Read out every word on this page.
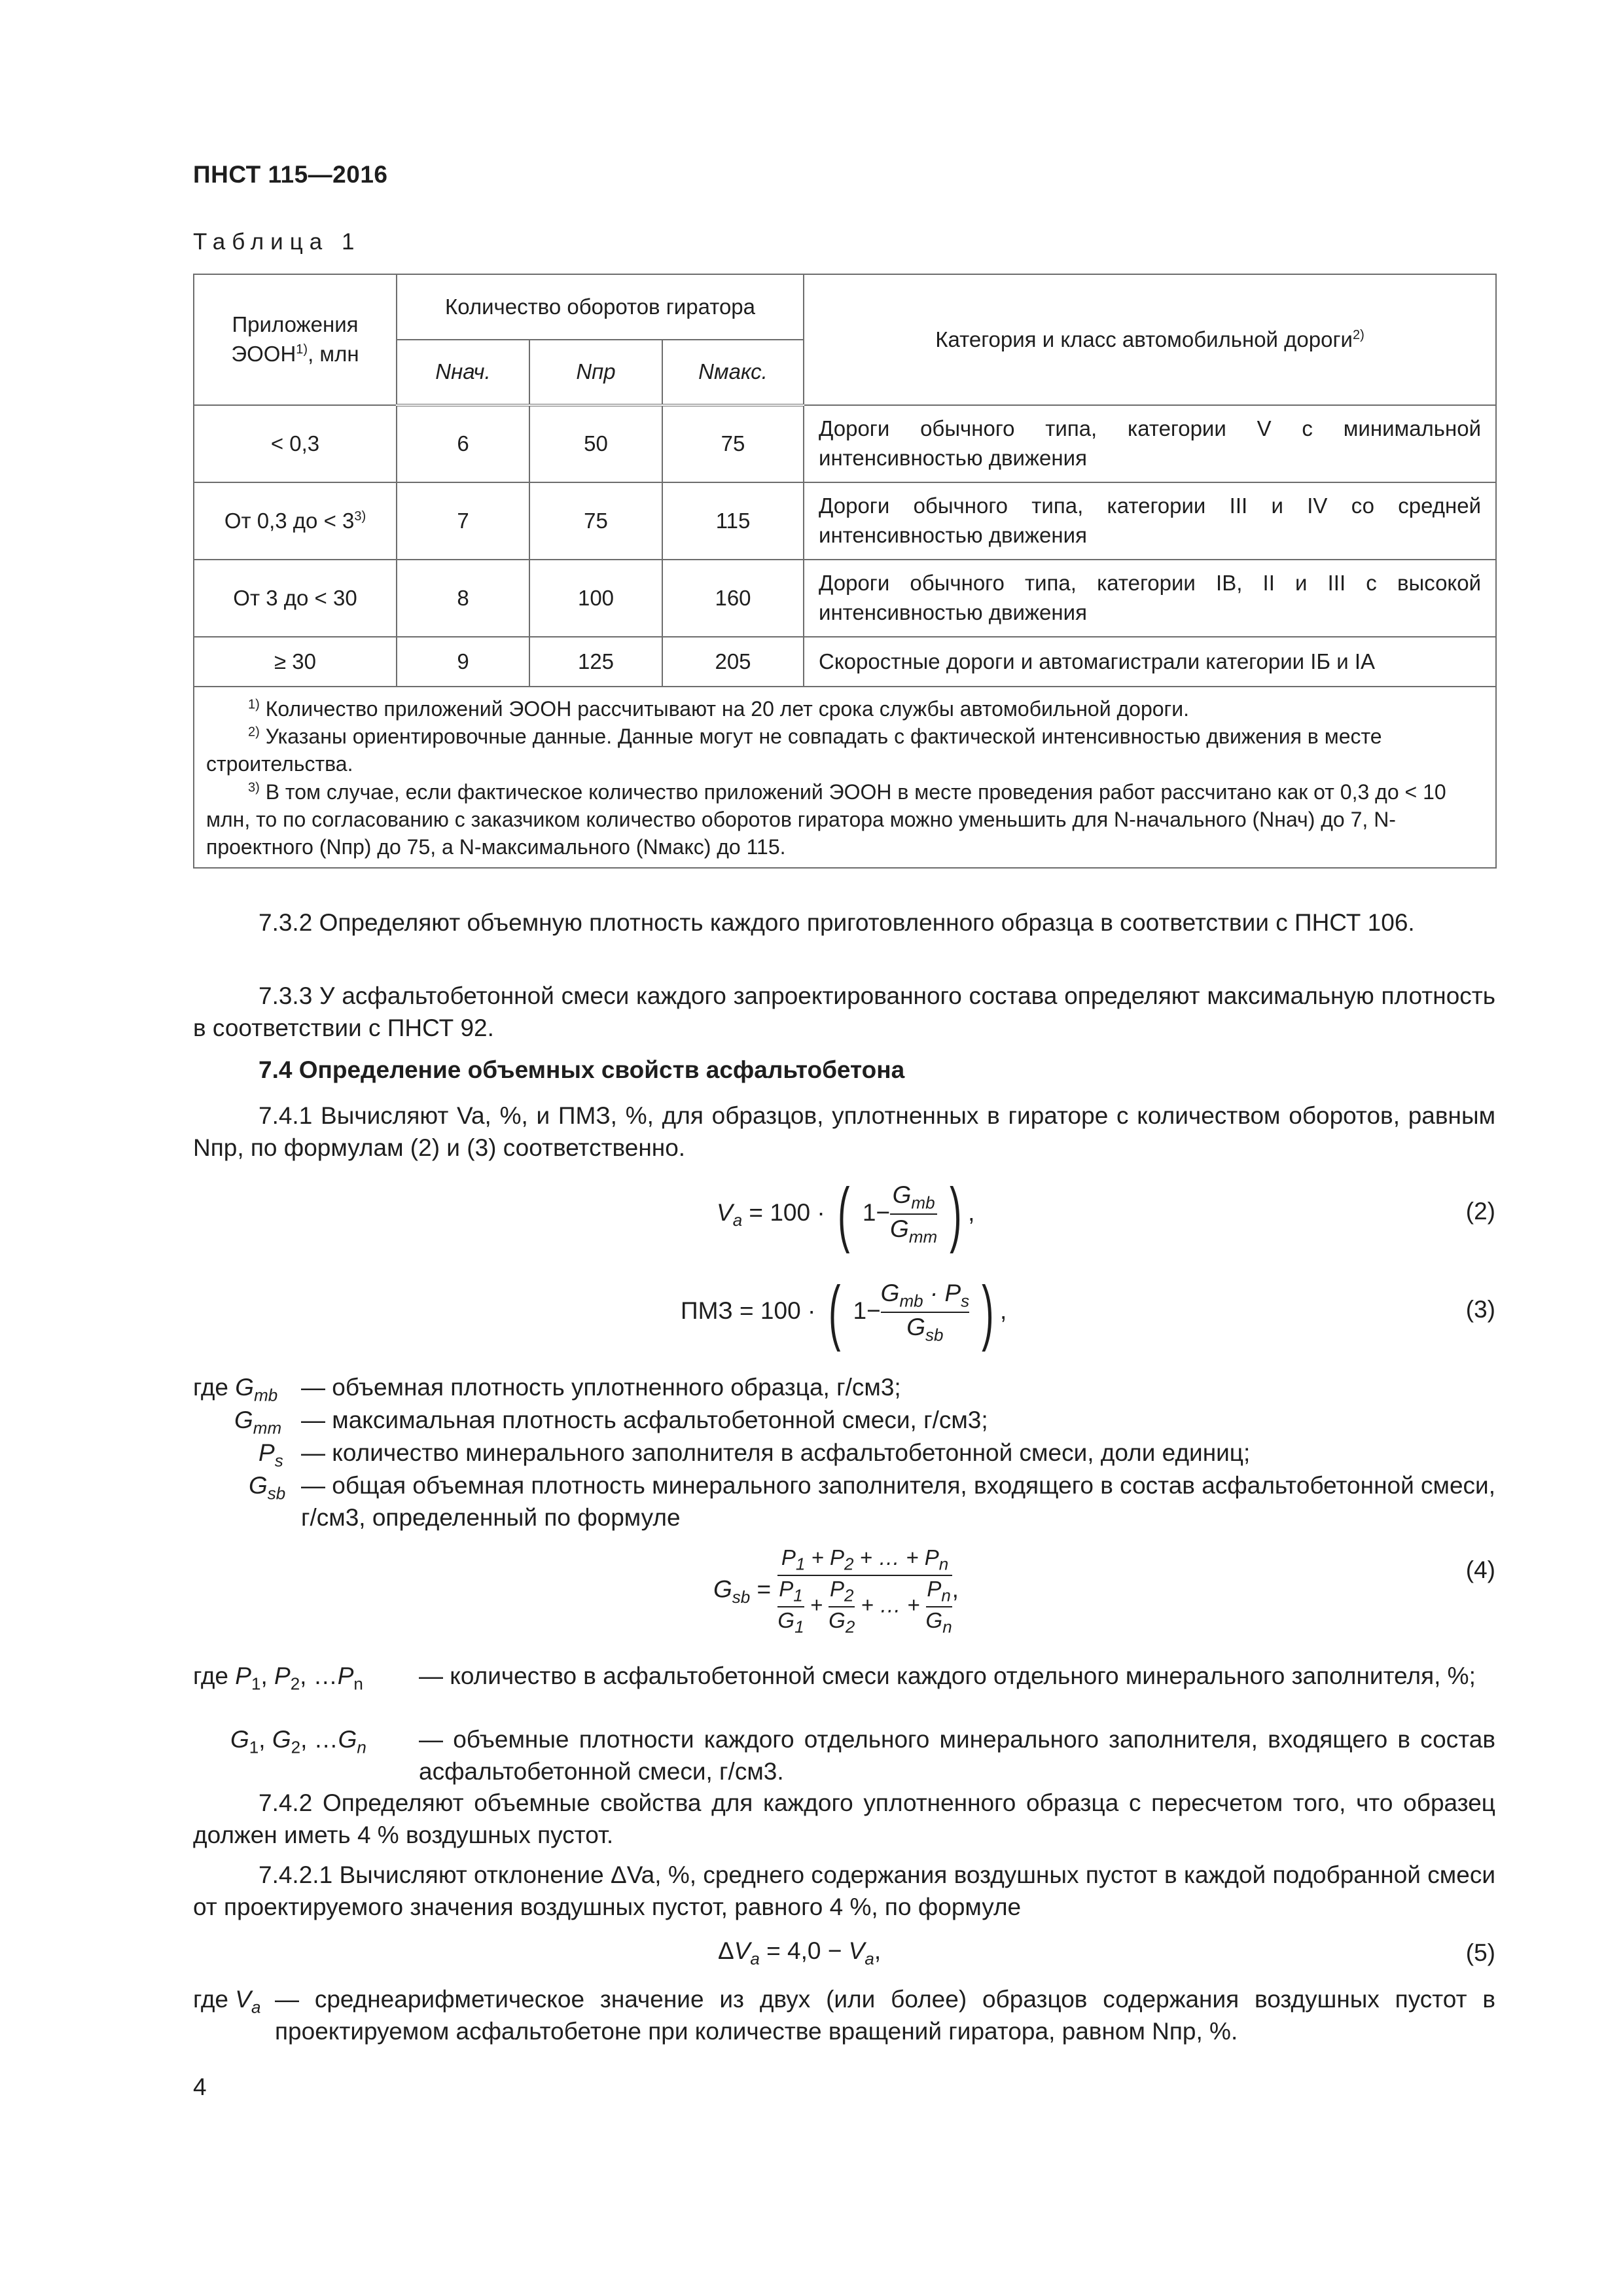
ПНСТ 115—2016
Таблица 1
Приложения ЭООН$^{1)}$, млн	Количество оборотов гиратора			Категория и класс автомобильной дороги$^{2)}$
	Nнач.	Nпр	Nмакс.	
< 0,3	6	50	75	Дороги обычного типа, категории V с минимальной интенсивностью движения
От 0,3 до < $3^{3)}$	7	75	115	Дороги обычного типа, категории III и IV со средней интенсивностью движения
От 3 до < 30	8	100	160	Дороги обычного типа, категории IB, II и III с высокой интенсивностью движения
≥ 30	9	125	205	Скоростные дороги и автомагистрали категории IБ и IA

$^{1)}$ Количество приложений ЭООН рассчитывают на 20 лет срока службы автомобильной дороги.
$^{2)}$ Указаны ориентировочные данные. Данные могут не совпадать с фактической интенсивностью движения в месте строительства.
$^{3)}$ В том случае, если фактическое количество приложений ЭООН в месте проведения работ рассчитано как от 0,3 до < 10 млн, то по согласованию с заказчиком количество оборотов гиратора можно уменьшить для N-начального (Nнач) до 7, N-проектного (Nпр) до 75, а N-максимального (Nмакс) до 115.				
7.3.2 Определяют объемную плотность каждого приготовленного образца в соответствии с ПНСТ 106.
7.3.3 У асфальтобетонной смеси каждого запроектированного состава определяют максимальную плотность в соответствии с ПНСТ 92.
7.4 Определение объемных свойств асфальтобетона
7.4.1 Вычисляют Va, %, и ПМЗ, %, для образцов, уплотненных в гираторе с количеством оборотов, равным Nпр, по формулам (2) и (3) соответственно.
$V_a = 100$ · ( $1- \frac{G_{mb}}{G_{mm}}$ ) ,	(2)
ПМЗ = 100 · ( $1- \frac{G_{mb} \cdot P_s}{G_{sb}}$ ) ,	(3)
где $G_{mb}$ — объемная плотность уплотненного образца, г/см3;
$G_{mm}$ — максимальная плотность асфальтобетонной смеси, г/см3;
$P_s$ — количество минерального заполнителя в асфальтобетонной смеси, доли единиц;
$G_{sb}$ — общая объемная плотность минерального заполнителя, входящего в состав асфальтобетонной смеси, г/см3, определенный по формуле
$G_{sb} = \frac{P_1 + P_2 + \dots + P_n}{\frac{P_1}{G_1} + \frac{P_2}{G_2} + \dots + \frac{P_n}{G_n}}$ ,
(4)
где $P_1$, $P_2$, $\dots P_n$ — количество в асфальтобетонной смеси каждого отдельного минерального заполнителя, %;
$G_1$, $G_2$, $\dots G_n$ — объемные плотности каждого отдельного минерального заполнителя, входящего в состав асфальтобетонной смеси, г/см3.
7.4.2 Определяют объемные свойства для каждого уплотненного образца с пересчетом того, что образец должен иметь 4 % воздушных пустот.
7.4.2.1 Вычисляют отклонение ΔVa, %, среднего содержания воздушных пустот в каждой подобранной смеси от проектируемого значения воздушных пустот, равного 4 %, по формуле
$\Delta V_a = 4,0 - V_a$,	(5)
где $V_a$ — среднеарифметическое значение из двух (или более) образцов содержания воздушных пустот в проектируемом асфальтобетоне при количестве вращений гиратора, равном Nпр, %.
4
